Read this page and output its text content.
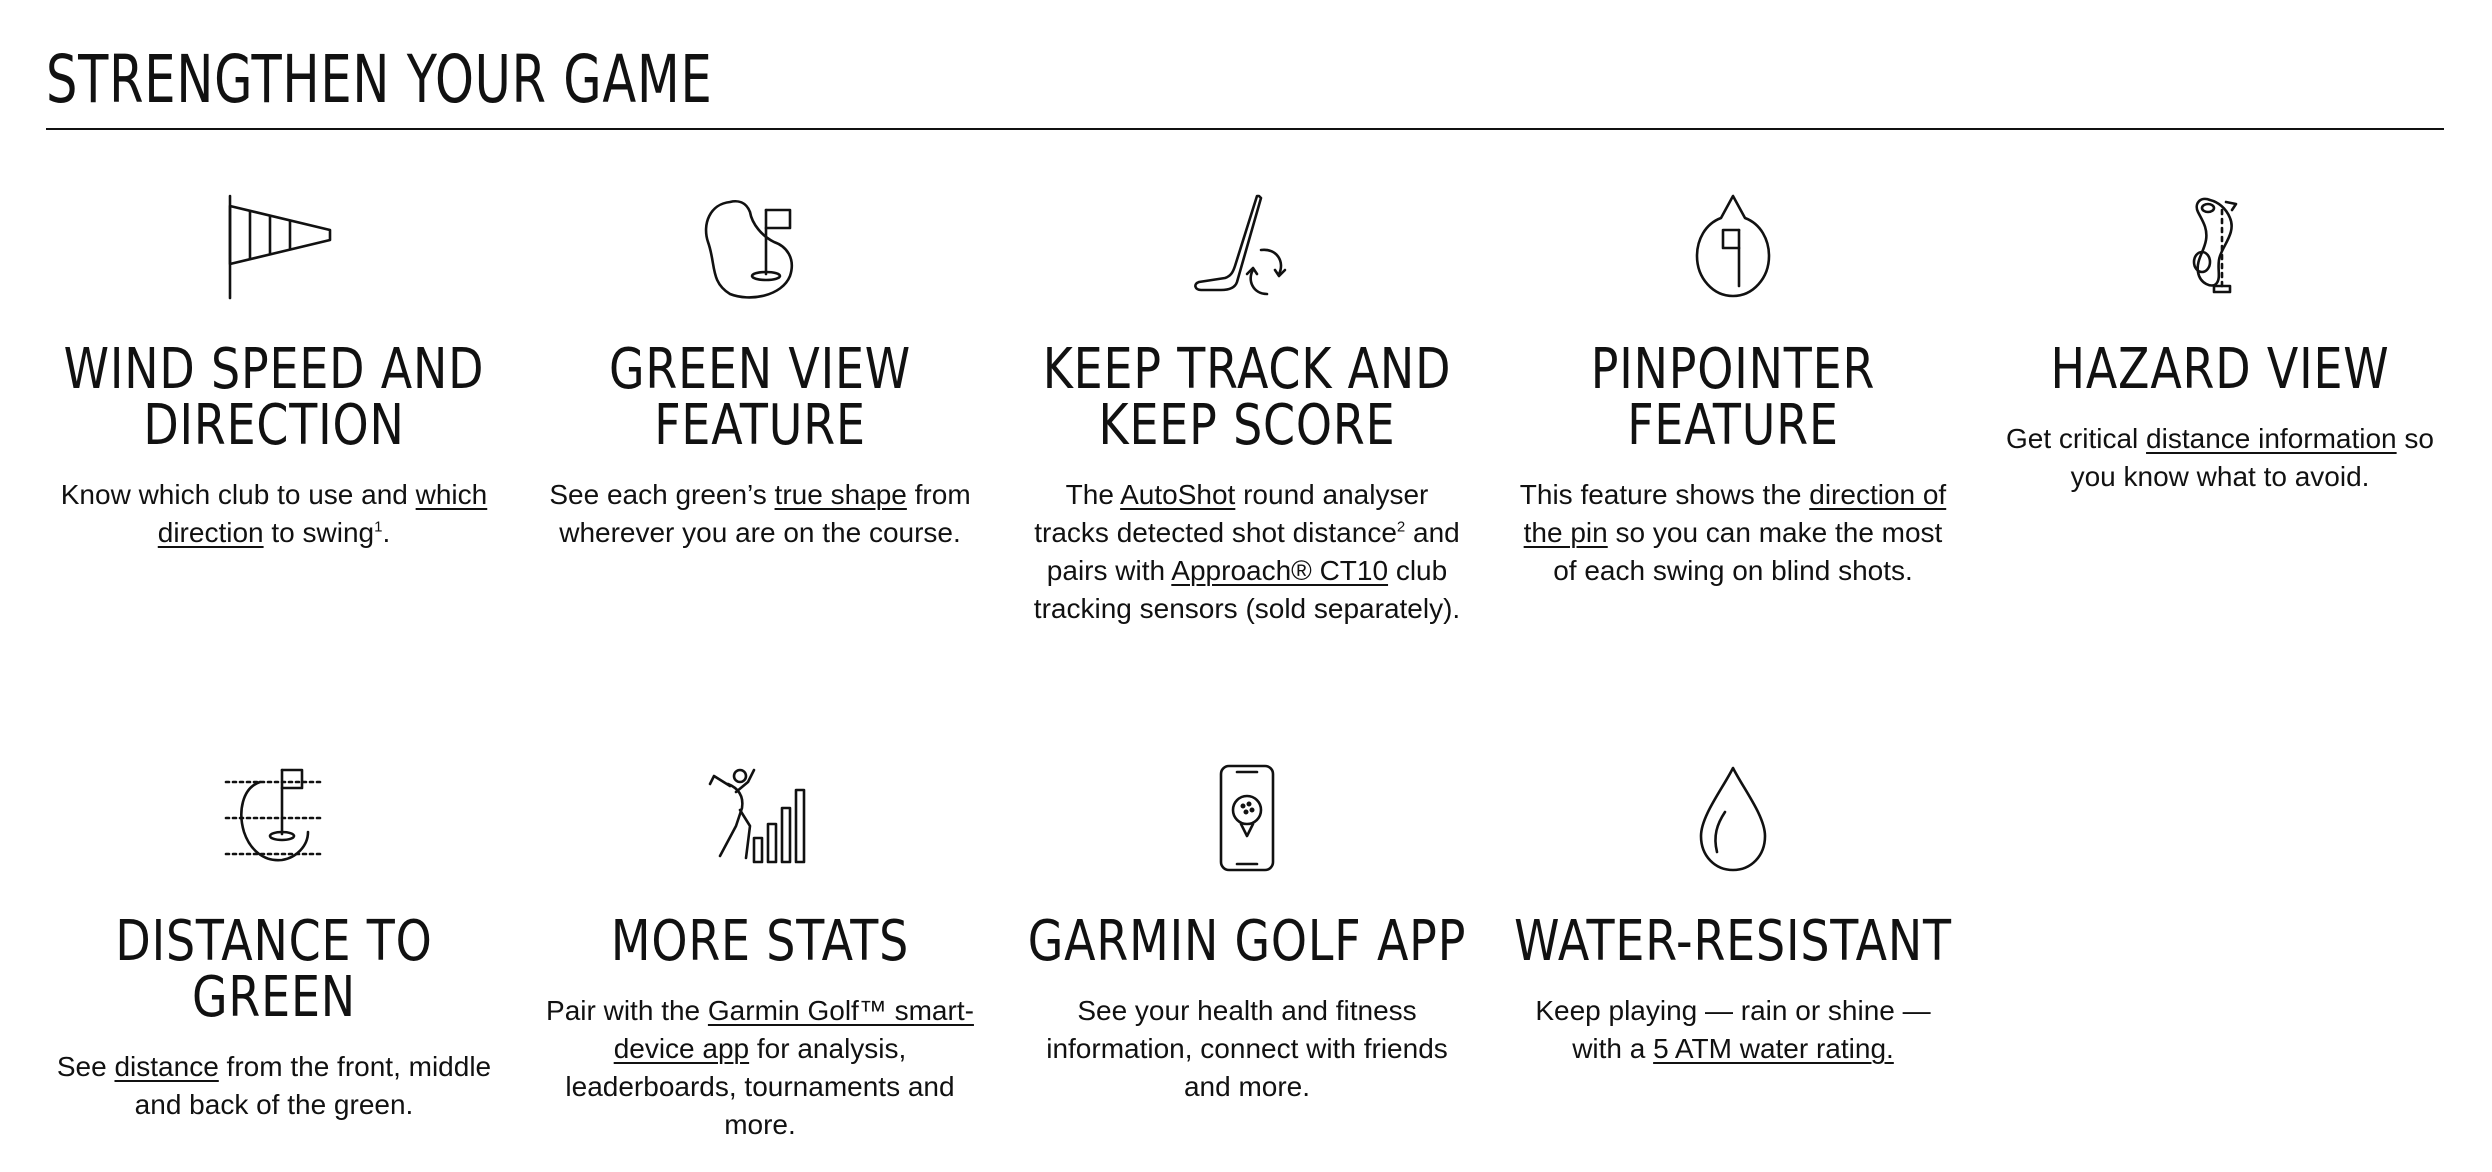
STRENGTHEN YOUR GAME
WIND SPEED AND DIRECTION

Know which club to use and which direction to swing$^1$.

GREEN VIEW FEATURE

See each green’s true shape from wherever you are on the course.

KEEP TRACK AND KEEP SCORE

The AutoShot round analyser tracks detected shot distance$^2$ and pairs with Approach® CT10 club tracking sensors (sold separately).

PINPOINTER FEATURE

This feature shows the direction of the pin so you can make the most of each swing on blind shots.

HAZARD VIEW

Get critical distance information so you know what to avoid.

DISTANCE TO GREEN

See distance from the front, middle and back of the green.

MORE STATS

Pair with the Garmin Golf™ smart-device app for analysis, leaderboards, tournaments and more.

GARMIN GOLF APP

See your health and fitness information, connect with friends and more.

WATER-RESISTANT

Keep playing — rain or shine — with a 5 ATM water rating.
